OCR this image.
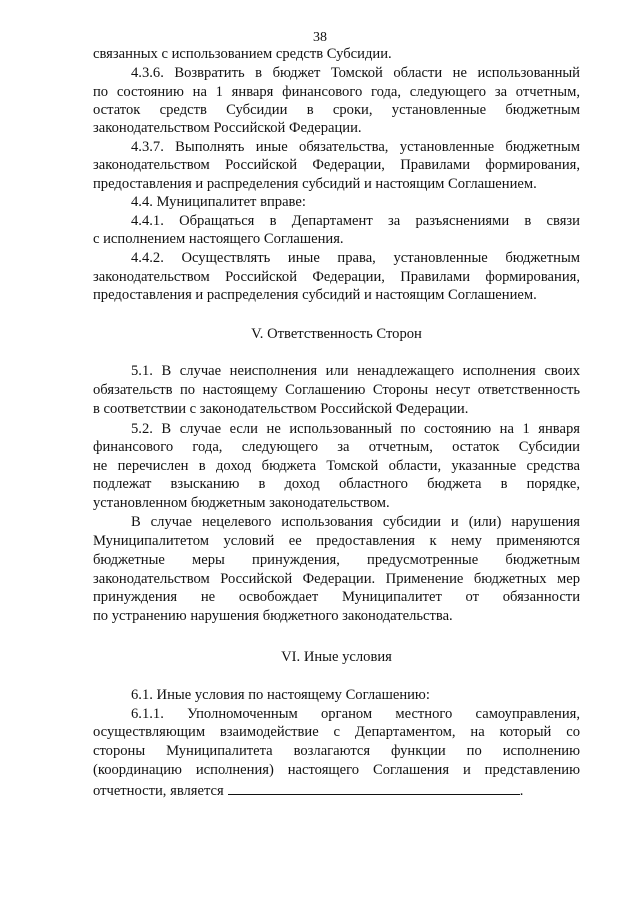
38
связанных с использованием средств Субсидии.
4.3.6. Возвратить в бюджет Томской области не использованный
по состоянию на 1 января финансового года, следующего за отчетным,
остаток средств Субсидии в сроки, установленные бюджетным
законодательством Российской Федерации.
4.3.7. Выполнять иные обязательства, установленные бюджетным
законодательством Российской Федерации, Правилами формирования,
предоставления и распределения субсидий и настоящим Соглашением.
4.4. Муниципалитет вправе:
4.4.1. Обращаться в Департамент за разъяснениями в связи
с исполнением настоящего Соглашения.
4.4.2. Осуществлять иные права, установленные бюджетным
законодательством Российской Федерации, Правилами формирования,
предоставления и распределения субсидий и настоящим Соглашением.
V. Ответственность Сторон
5.1. В случае неисполнения или ненадлежащего исполнения своих
обязательств по настоящему Соглашению Стороны несут ответственность
в соответствии с законодательством Российской Федерации.
5.2. В случае если не использованный по состоянию на 1 января
финансового года, следующего за отчетным, остаток Субсидии
не перечислен в доход бюджета Томской области, указанные средства
подлежат взысканию в доход областного бюджета в порядке,
установленном бюджетным законодательством.
В случае нецелевого использования субсидии и (или) нарушения
Муниципалитетом условий ее предоставления к нему применяются
бюджетные меры принуждения, предусмотренные бюджетным
законодательством Российской Федерации. Применение бюджетных мер
принуждения не освобождает Муниципалитет от обязанности
по устранению нарушения бюджетного законодательства.
VI. Иные условия
6.1. Иные условия по настоящему Соглашению:
6.1.1. Уполномоченным органом местного самоуправления,
осуществляющим взаимодействие с Департаментом, на который со
стороны Муниципалитета возлагаются функции по исполнению
(координацию исполнения) настоящего Соглашения и представлению
отчетности, является	.
